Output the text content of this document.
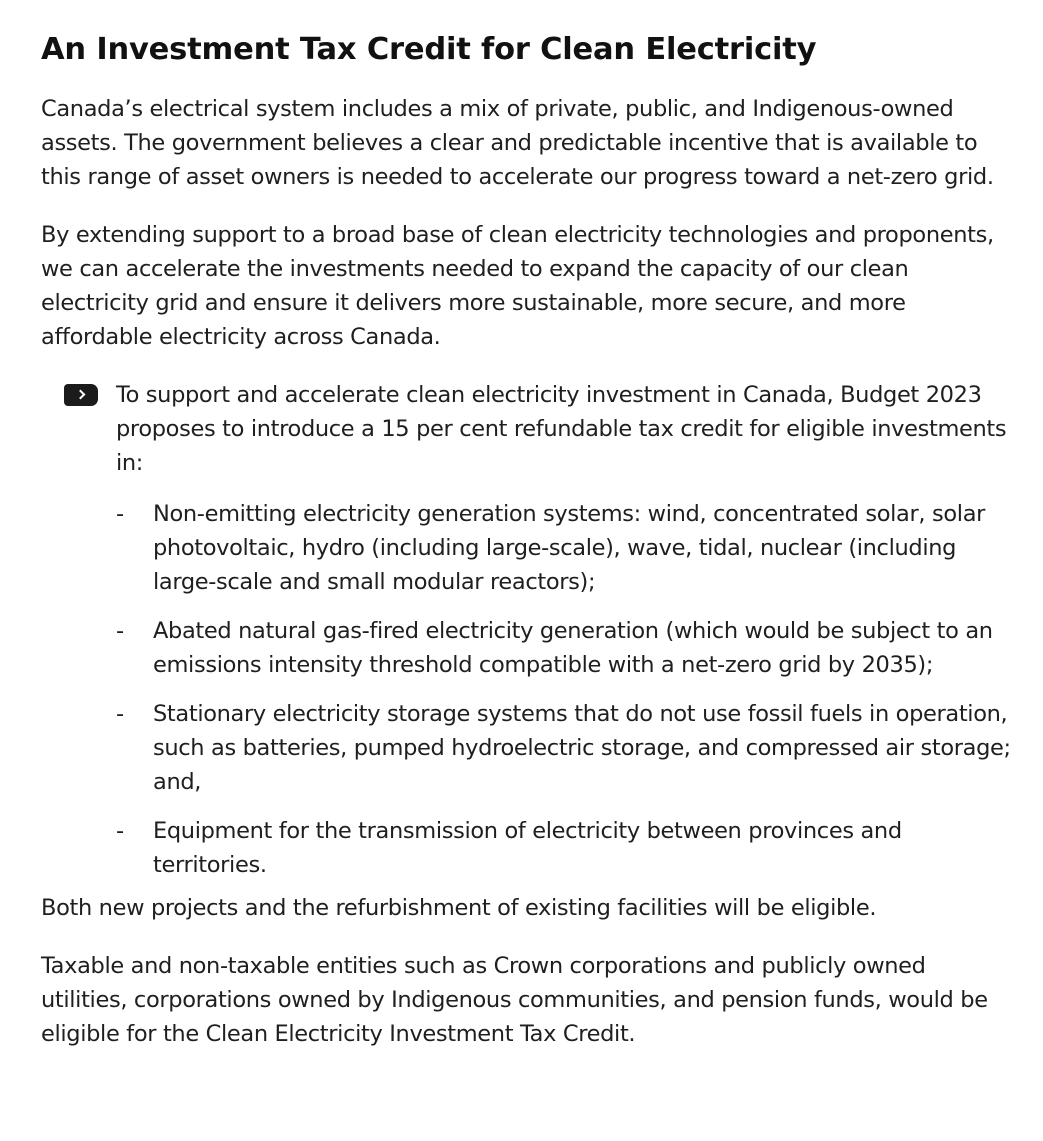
An Investment Tax Credit for Clean Electricity

Canada’s electrical system includes a mix of private, public, and Indigenous-owned assets. The government believes a clear and predictable incentive that is available to this range of asset owners is needed to accelerate our progress toward a net-zero grid.

By extending support to a broad base of clean electricity technologies and proponents, we can accelerate the investments needed to expand the capacity of our clean electricity grid and ensure it delivers more sustainable, more secure, and more affordable electricity across Canada.

To support and accelerate clean electricity investment in Canada, Budget 2023 proposes to introduce a 15 per cent refundable tax credit for eligible investments in:

- Non-emitting electricity generation systems: wind, concentrated solar, solar photovoltaic, hydro (including large-scale), wave, tidal, nuclear (including large-scale and small modular reactors);
- Abated natural gas-fired electricity generation (which would be subject to an emissions intensity threshold compatible with a net-zero grid by 2035);
- Stationary electricity storage systems that do not use fossil fuels in operation, such as batteries, pumped hydroelectric storage, and compressed air storage; and,
- Equipment for the transmission of electricity between provinces and territories.

Both new projects and the refurbishment of existing facilities will be eligible.

Taxable and non-taxable entities such as Crown corporations and publicly owned utilities, corporations owned by Indigenous communities, and pension funds, would be eligible for the Clean Electricity Investment Tax Credit.
